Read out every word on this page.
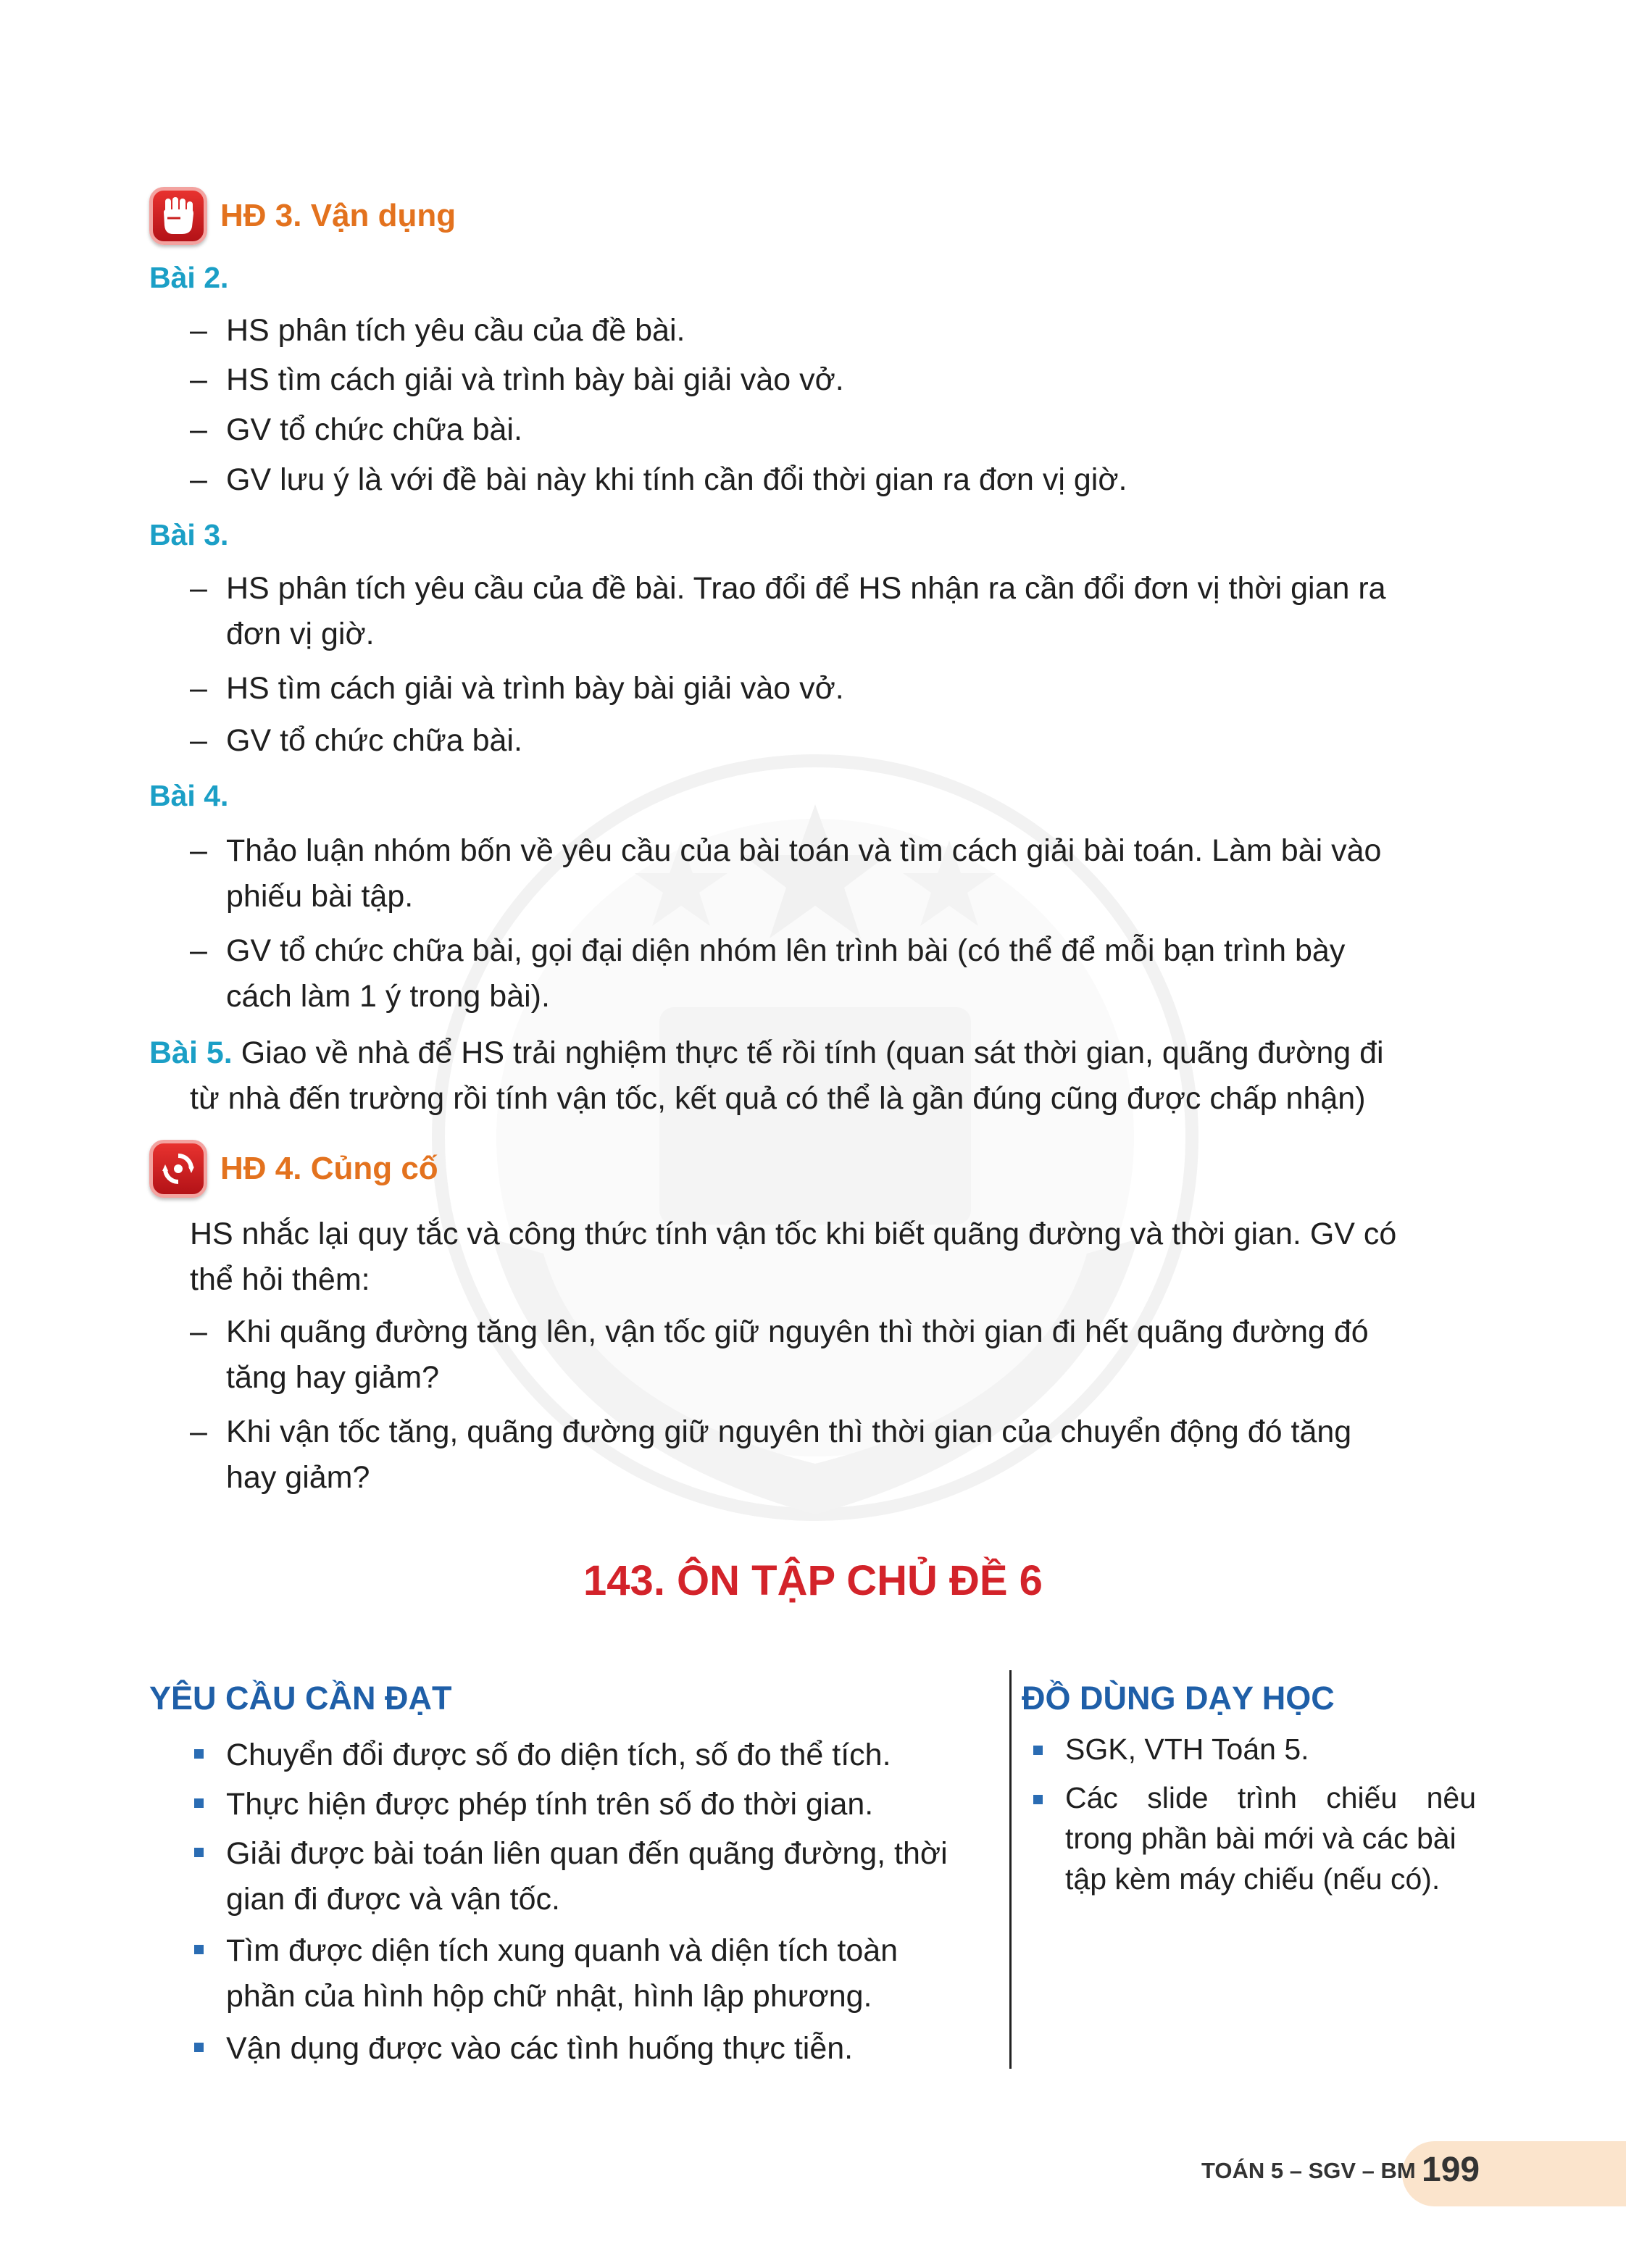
HĐ 3. Vận dụng
Bài 2.
– HS phân tích yêu cầu của đề bài.
– HS tìm cách giải và trình bày bài giải vào vở.
– GV tổ chức chữa bài.
– GV lưu ý là với đề bài này khi tính cần đổi thời gian ra đơn vị giờ.
Bài 3.
– HS phân tích yêu cầu của đề bài. Trao đổi để HS nhận ra cần đổi đơn vị thời gian ra
đơn vị giờ.
– HS tìm cách giải và trình bày bài giải vào vở.
– GV tổ chức chữa bài.
Bài 4.
– Thảo luận nhóm bốn về yêu cầu của bài toán và tìm cách giải bài toán. Làm bài vào
phiếu bài tập.
– GV tổ chức chữa bài, gọi đại diện nhóm lên trình bài (có thể để mỗi bạn trình bày
cách làm 1 ý trong bài).
Bài 5. Giao về nhà để HS trải nghiệm thực tế rồi tính (quan sát thời gian, quãng đường đi
từ nhà đến trường rồi tính vận tốc, kết quả có thể là gần đúng cũng được chấp nhận)
HĐ 4. Củng cố
HS nhắc lại quy tắc và công thức tính vận tốc khi biết quãng đường và thời gian. GV có
thể hỏi thêm:
– Khi quãng đường tăng lên, vận tốc giữ nguyên thì thời gian đi hết quãng đường đó
tăng hay giảm?
– Khi vận tốc tăng, quãng đường giữ nguyên thì thời gian của chuyển động đó tăng
hay giảm?
143. ÔN TẬP CHỦ ĐỀ 6
YÊU CẦU CẦN ĐẠT
Chuyển đổi được số đo diện tích, số đo thể tích.
Thực hiện được phép tính trên số đo thời gian.
Giải được bài toán liên quan đến quãng đường, thời
gian đi được và vận tốc.
Tìm được diện tích xung quanh và diện tích toàn
phần của hình hộp chữ nhật, hình lập phương.
Vận dụng được vào các tình huống thực tiễn.
ĐỒ DÙNG DẠY HỌC
SGK, VTH Toán 5.
Các slide trình chiếu nêu
trong phần bài mới và các bài
tập kèm máy chiếu (nếu có).
TOÁN 5 – SGV – BM 199
